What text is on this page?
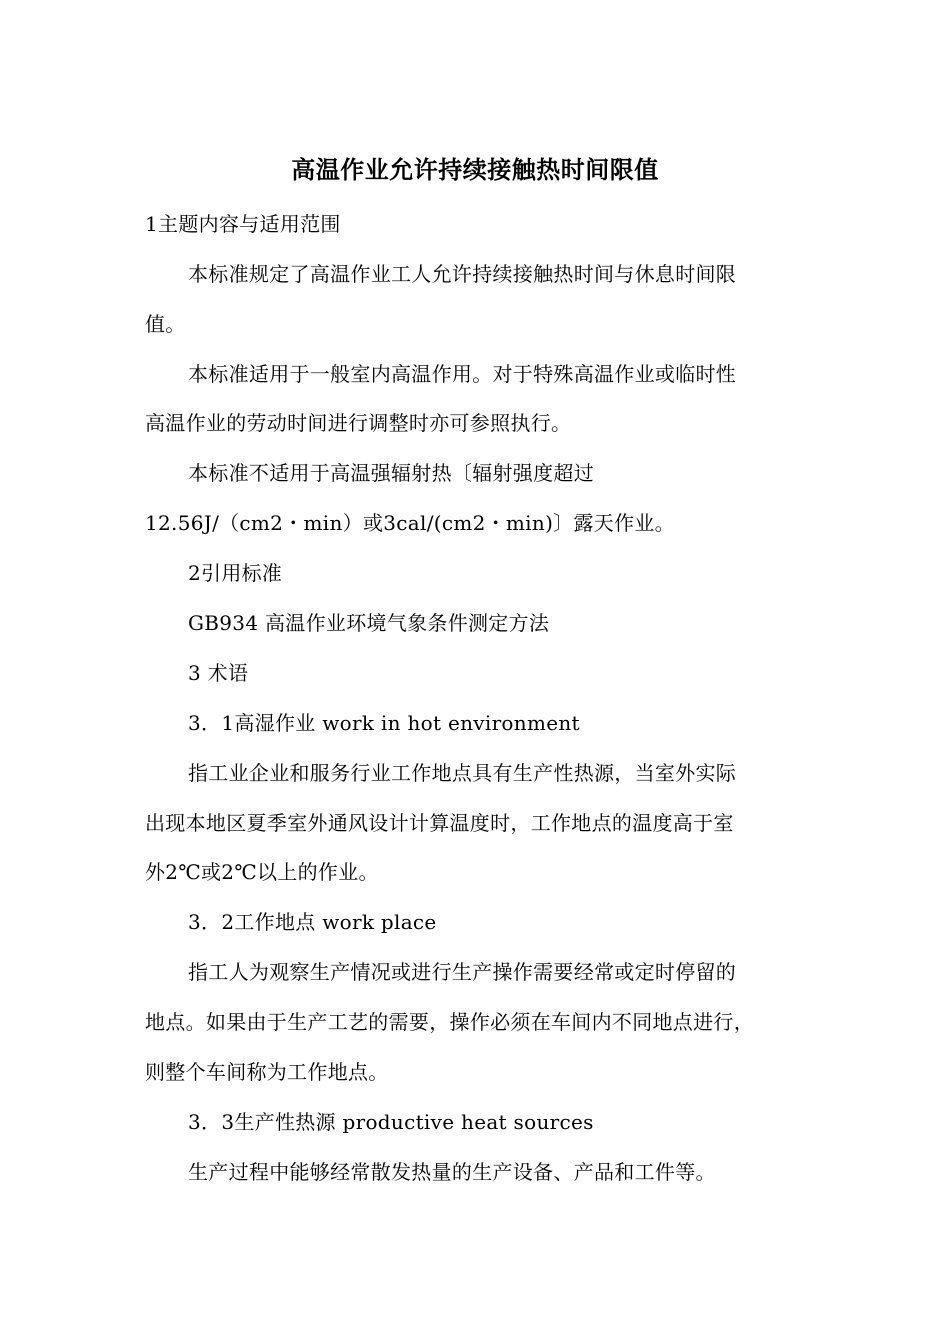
高温作业允许持续接触热时间限值
1主题内容与适用范围
本标准规定了高温作业工人允许持续接触热时间与休息时间限
值。
本标准适用于一般室内高温作用。对于特殊高温作业或临时性
高温作业的劳动时间进行调整时亦可参照执行。
本标准不适用于高温强辐射热〔辐射强度超过
12.56J/（cm2・min）或3cal/(cm2・min)〕露天作业。
2引用标准
GB934 高温作业环境气象条件测定方法
3 术语
3．1高湿作业 work in hot environment
指工业企业和服务行业工作地点具有生产性热源，当室外实际
出现本地区夏季室外通风设计计算温度时，工作地点的温度高于室
外2℃或2℃以上的作业。
3．2工作地点 work place
指工人为观察生产情况或进行生产操作需要经常或定时停留的
地点。如果由于生产工艺的需要，操作必须在车间内不同地点进行，
则整个车间称为工作地点。
3．3生产性热源 productive heat sources
生产过程中能够经常散发热量的生产设备、产品和工件等。
